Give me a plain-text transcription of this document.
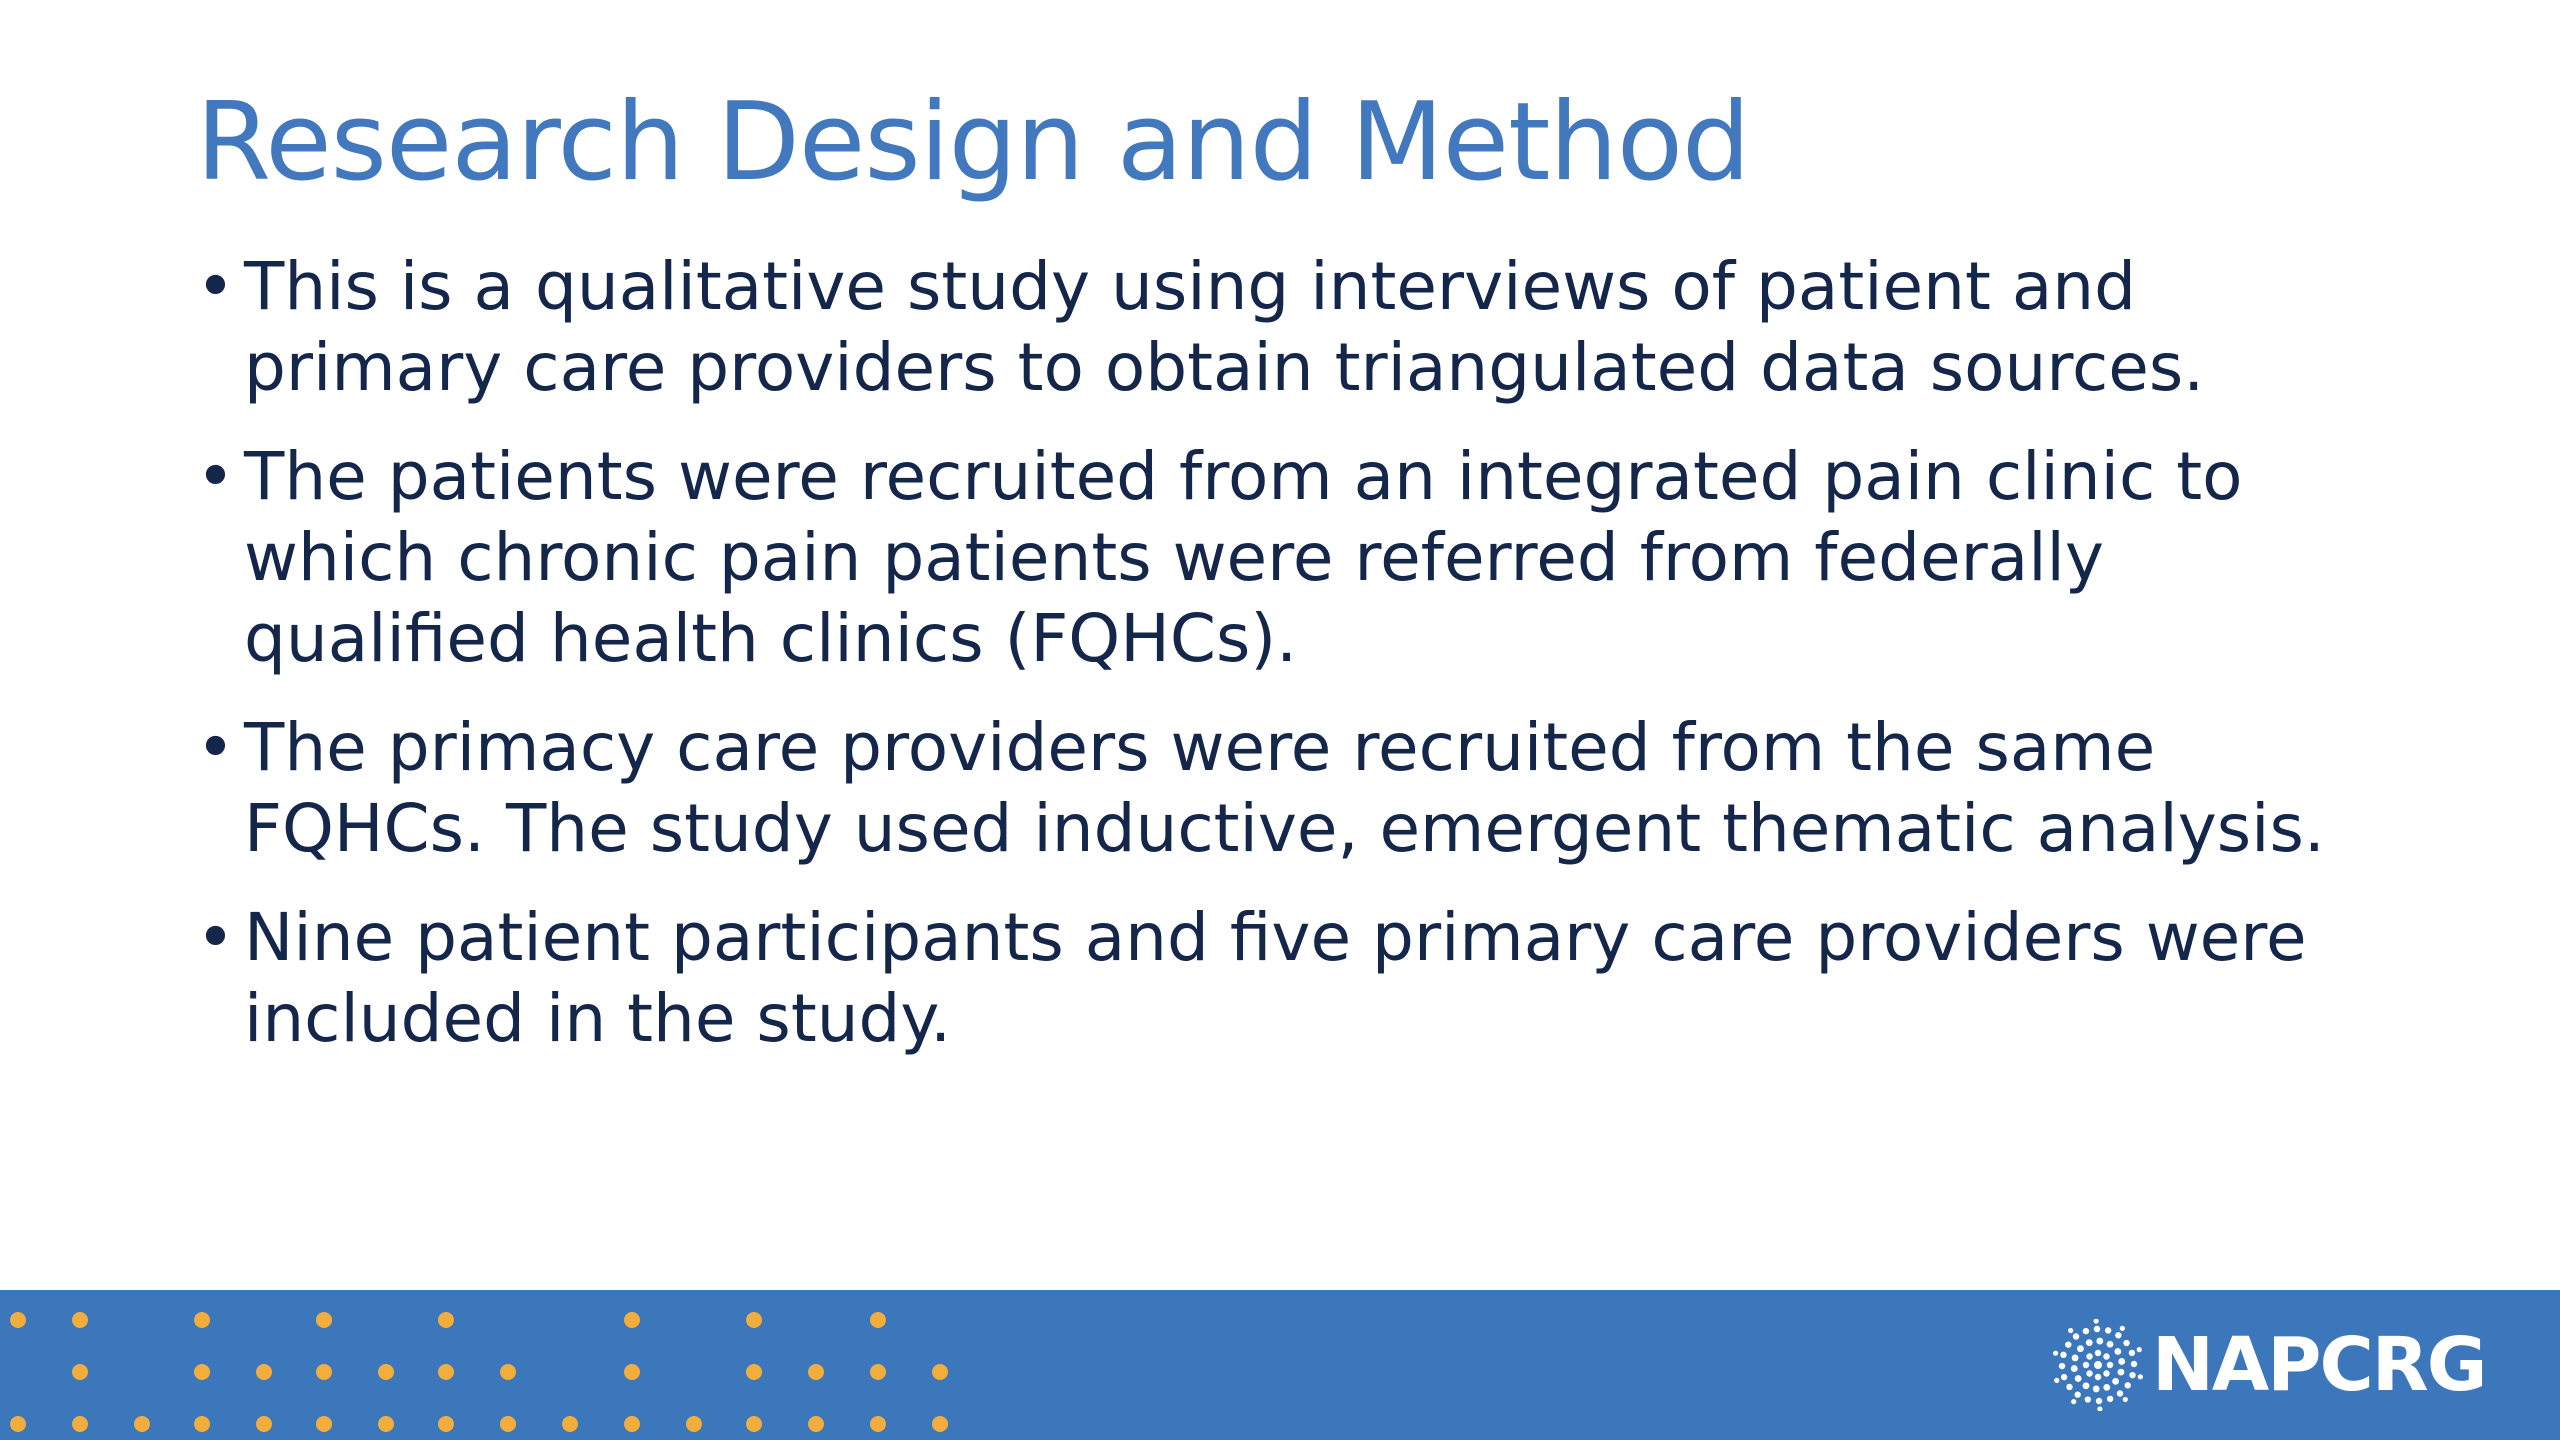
Research Design and Method
• This is a qualitative study using interviews of patient and
primary care providers to obtain triangulated data sources.
• The patients were recruited from an integrated pain clinic to
which chronic pain patients were referred from federally
qualified health clinics (FQHCs).
• The primacy care providers were recruited from the same
FQHCs. The study used inductive, emergent thematic analysis.
• Nine patient participants and five primary care providers were
included in the study.
NAPCRG
